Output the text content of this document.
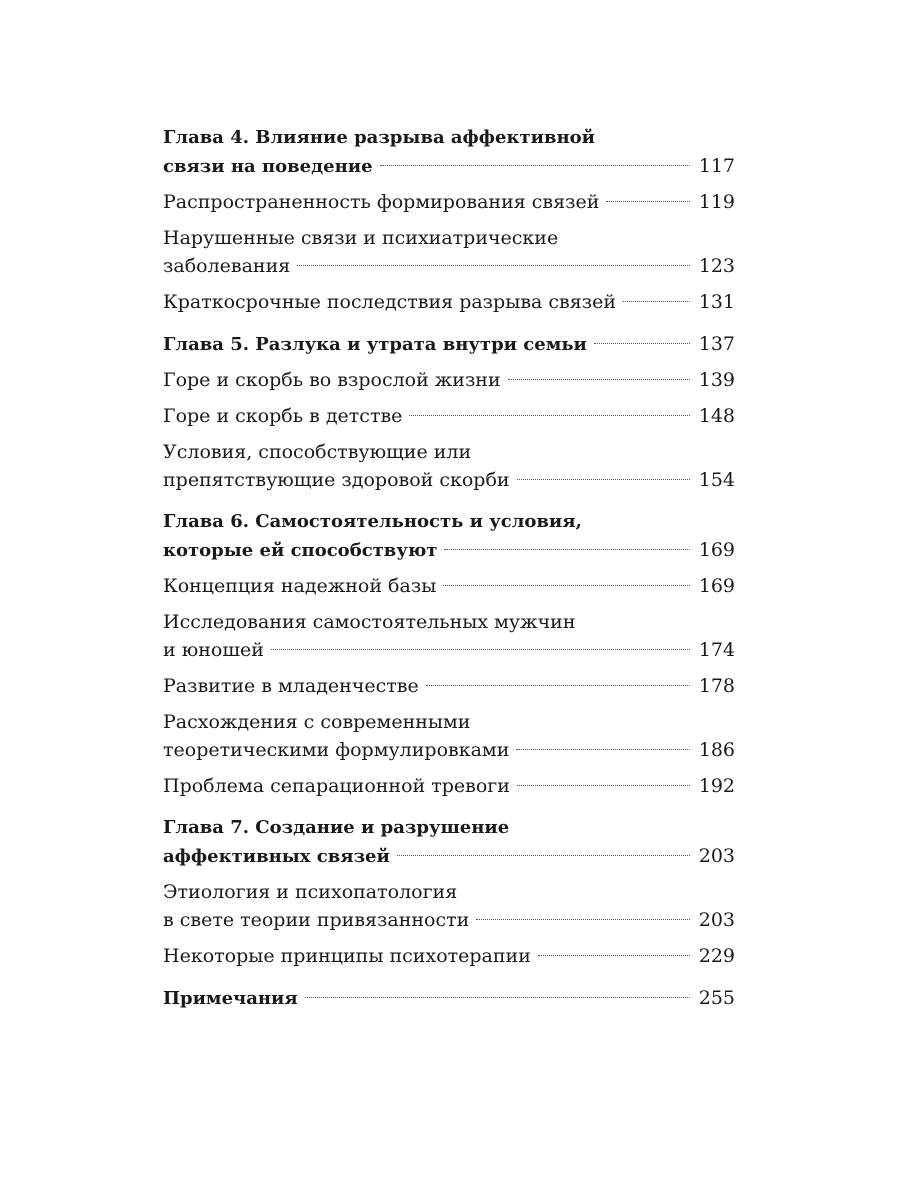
Глава 4. Влияние разрыва аффективной
связи на поведение	117
Распространенность формирования связей	119
Нарушенные связи и психиатрические
заболевания	123
Краткосрочные последствия разрыва связей	131
Глава 5. Разлука и утрата внутри семьи	137
Горе и скорбь во взрослой жизни	139
Горе и скорбь в детстве	148
Условия, способствующие или
препятствующие здоровой скорби	154
Глава 6. Самостоятельность и условия,
которые ей способствуют	169
Концепция надежной базы	169
Исследования самостоятельных мужчин
и юношей	174
Развитие в младенчестве	178
Расхождения с современными
теоретическими формулировками	186
Проблема сепарационной тревоги	192
Глава 7. Создание и разрушение
аффективных связей	203
Этиология и психопатология
в свете теории привязанности	203
Некоторые принципы психотерапии	229
Примечания	255
